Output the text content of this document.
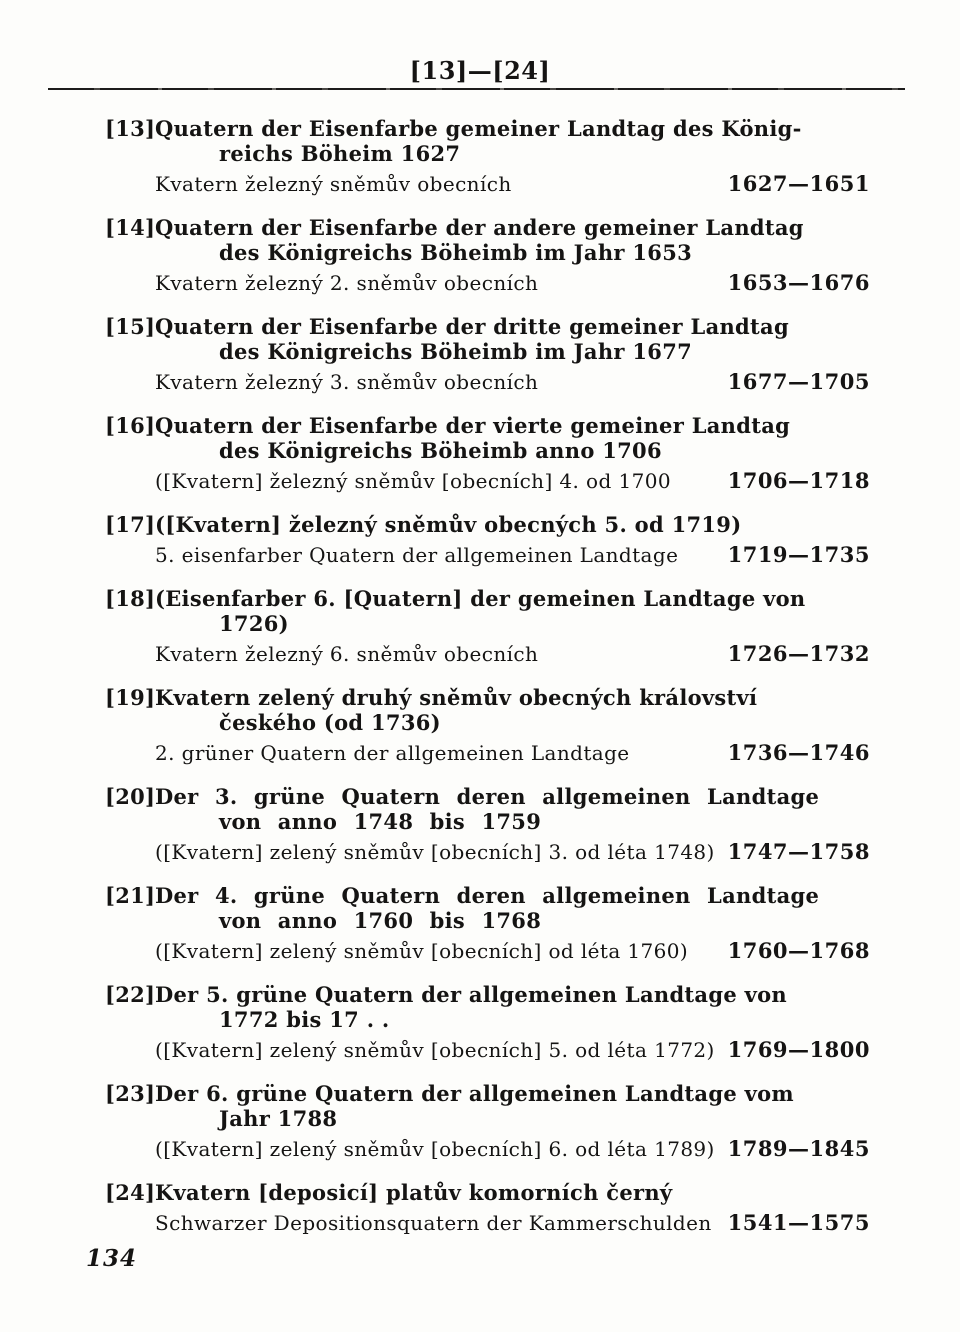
[13]—[24]
[13] Quatern der Eisenfarbe gemeiner Landtag des König-
reichs Böheim 1627
Kvatern železný sněmův obecních	1627—1651
[14] Quatern der Eisenfarbe der andere gemeiner Landtag
des Königreichs Böheimb im Jahr 1653
Kvatern železný 2. sněmův obecních	1653—1676
[15] Quatern der Eisenfarbe der dritte gemeiner Landtag
des Königreichs Böheimb im Jahr 1677
Kvatern železný 3. sněmův obecních	1677—1705
[16] Quatern der Eisenfarbe der vierte gemeiner Landtag
des Königreichs Böheimb anno 1706
([Kvatern] železný sněmův [obecních] 4. od 1700	1706—1718
[17] ([Kvatern] železný sněmův obecných 5. od 1719)
5. eisenfarber Quatern der allgemeinen Landtage	1719—1735
[18] (Eisenfarber 6. [Quatern] der gemeinen Landtage von
1726)
Kvatern železný 6. sněmův obecních	1726—1732
[19] Kvatern zelený druhý sněmův obecných království
českého (od 1736)
2. grüner Quatern der allgemeinen Landtage	1736—1746
[20] Der 3. grüne Quatern deren allgemeinen Landtage
von anno 1748 bis 1759
([Kvatern] zelený sněmův [obecních] 3. od léta 1748) 1747—1758
[21] Der 4. grüne Quatern deren allgemeinen Landtage
von anno 1760 bis 1768
([Kvatern] zelený sněmův [obecních] od léta 1760)	1760—1768
[22] Der 5. grüne Quatern der allgemeinen Landtage von
1772 bis 17 . .
([Kvatern] zelený sněmův [obecních] 5. od léta 1772) 1769—1800
[23] Der 6. grüne Quatern der allgemeinen Landtage vom
Jahr 1788
([Kvatern] zelený sněmův [obecních] 6. od léta 1789) 1789—1845
[24] Kvatern [deposicí] platův komorních černý
Schwarzer Depositionsquatern der Kammerschulden 1541—1575
134
